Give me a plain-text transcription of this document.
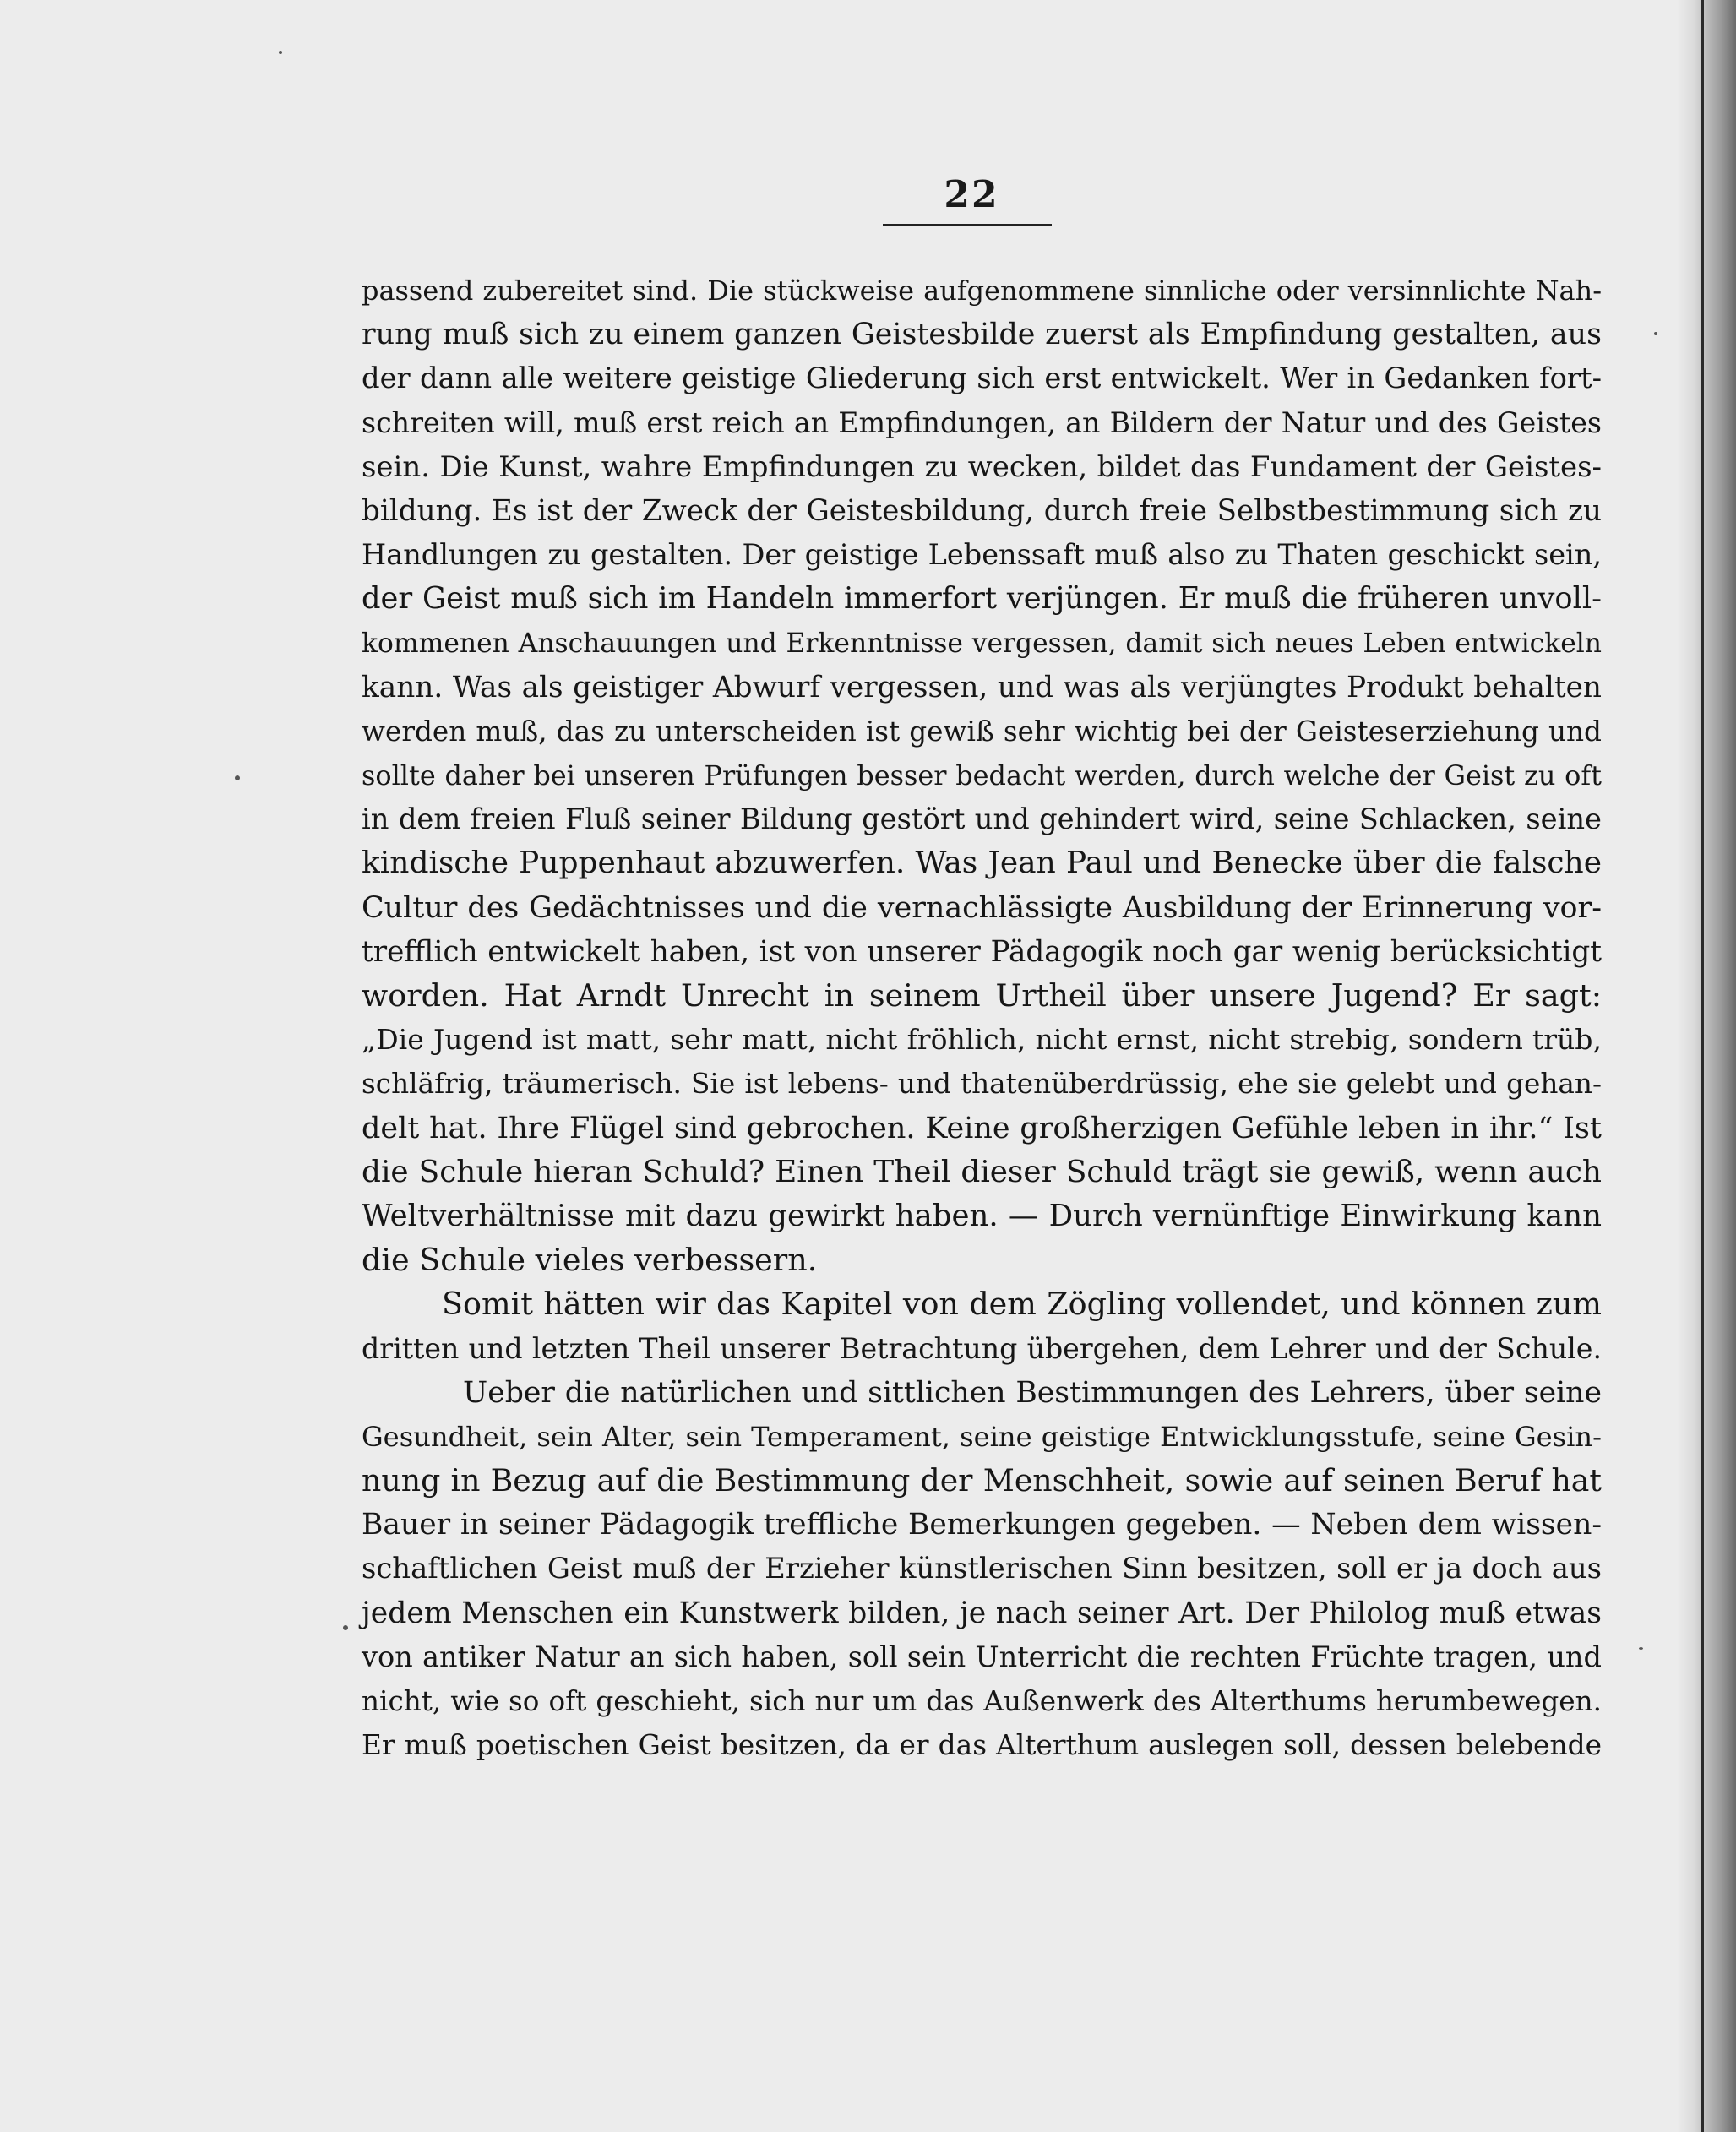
22
passend zubereitet sind. Die stückweise aufgenommene sinnliche oder versinnlichte Nah-
rung muß sich zu einem ganzen Geistesbilde zuerst als Empfindung gestalten, aus
der dann alle weitere geistige Gliederung sich erst entwickelt. Wer in Gedanken fort-
schreiten will, muß erst reich an Empfindungen, an Bildern der Natur und des Geistes
sein. Die Kunst, wahre Empfindungen zu wecken, bildet das Fundament der Geistes-
bildung. Es ist der Zweck der Geistesbildung, durch freie Selbstbestimmung sich zu
Handlungen zu gestalten. Der geistige Lebenssaft muß also zu Thaten geschickt sein,
der Geist muß sich im Handeln immerfort verjüngen. Er muß die früheren unvoll-
kommenen Anschauungen und Erkenntnisse vergessen, damit sich neues Leben entwickeln
kann. Was als geistiger Abwurf vergessen, und was als verjüngtes Produkt behalten
werden muß, das zu unterscheiden ist gewiß sehr wichtig bei der Geisteserziehung und
sollte daher bei unseren Prüfungen besser bedacht werden, durch welche der Geist zu oft
in dem freien Fluß seiner Bildung gestört und gehindert wird, seine Schlacken, seine
kindische Puppenhaut abzuwerfen. Was Jean Paul und Benecke über die falsche
Cultur des Gedächtnisses und die vernachlässigte Ausbildung der Erinnerung vor-
trefflich entwickelt haben, ist von unserer Pädagogik noch gar wenig berücksichtigt
worden. Hat Arndt Unrecht in seinem Urtheil über unsere Jugend? Er sagt:
„Die Jugend ist matt, sehr matt, nicht fröhlich, nicht ernst, nicht strebig, sondern trüb,
schläfrig, träumerisch. Sie ist lebens- und thatenüberdrüssig, ehe sie gelebt und gehan-
delt hat. Ihre Flügel sind gebrochen. Keine großherzigen Gefühle leben in ihr.“ Ist
die Schule hieran Schuld? Einen Theil dieser Schuld trägt sie gewiß, wenn auch
Weltverhältnisse mit dazu gewirkt haben. — Durch vernünftige Einwirkung kann
die Schule vieles verbessern.
Somit hätten wir das Kapitel von dem Zögling vollendet, und können zum
dritten und letzten Theil unserer Betrachtung übergehen, dem Lehrer und der Schule.
Ueber die natürlichen und sittlichen Bestimmungen des Lehrers, über seine
Gesundheit, sein Alter, sein Temperament, seine geistige Entwicklungsstufe, seine Gesin-
nung in Bezug auf die Bestimmung der Menschheit, sowie auf seinen Beruf hat
Bauer in seiner Pädagogik treffliche Bemerkungen gegeben. — Neben dem wissen-
schaftlichen Geist muß der Erzieher künstlerischen Sinn besitzen, soll er ja doch aus
jedem Menschen ein Kunstwerk bilden, je nach seiner Art. Der Philolog muß etwas
von antiker Natur an sich haben, soll sein Unterricht die rechten Früchte tragen, und
nicht, wie so oft geschieht, sich nur um das Außenwerk des Alterthums herumbewegen.
Er muß poetischen Geist besitzen, da er das Alterthum auslegen soll, dessen belebende
